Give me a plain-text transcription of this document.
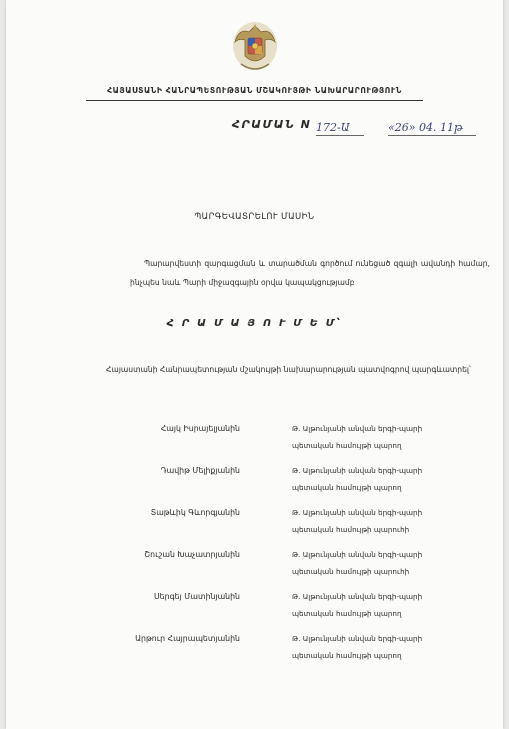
ՀԱՅԱՍՏԱՆԻ ՀԱՆՐԱՊԵՏՈՒԹՅԱՆ ՄՇԱԿՈՒՅԹԻ ՆԱԽԱՐԱՐՈՒԹՅՈՒՆ
ՀՐԱՄԱՆ N 172-Ա	«26» 04. 11թ
ՊԱՐԳԵՎԱՏՐԵԼՈՒ ՄԱՍԻՆ
Պարարվեստի զարգացման և տարածման գործում ունեցած զգալի ավանդի համար, ինչպես նաև Պարի միջազգային օրվա կապակցությամբ
Հ Ր Ա Մ Ա Յ Ո Ւ Մ Ե Մ՝
Հայաստանի Հանրապետության մշակույթի նախարարության պատվոգրով պարգևատրել՝
Հայկ Իսրայելյանին	Թ. Ալթունյանի անվան երգի-պարի
պետական համույթի պարող
Դավիթ Մելիքյանին	Թ. Ալթունյանի անվան երգի-պարի
պետական համույթի պարող
Տաթևիկ Գևորգյանին	Թ. Ալթունյանի անվան երգի-պարի
պետական համույթի պարուհի
Շուշան Խաչատրյանին	Թ. Ալթունյանի անվան երգի-պարի
պետական համույթի պարուհի
Սերգեյ Մատինյանին	Թ. Ալթունյանի անվան երգի-պարի
պետական համույթի պարող
Արթուր Հայրապետյանին	Թ. Ալթունյանի անվան երգի-պարի
պետական համույթի պարող
